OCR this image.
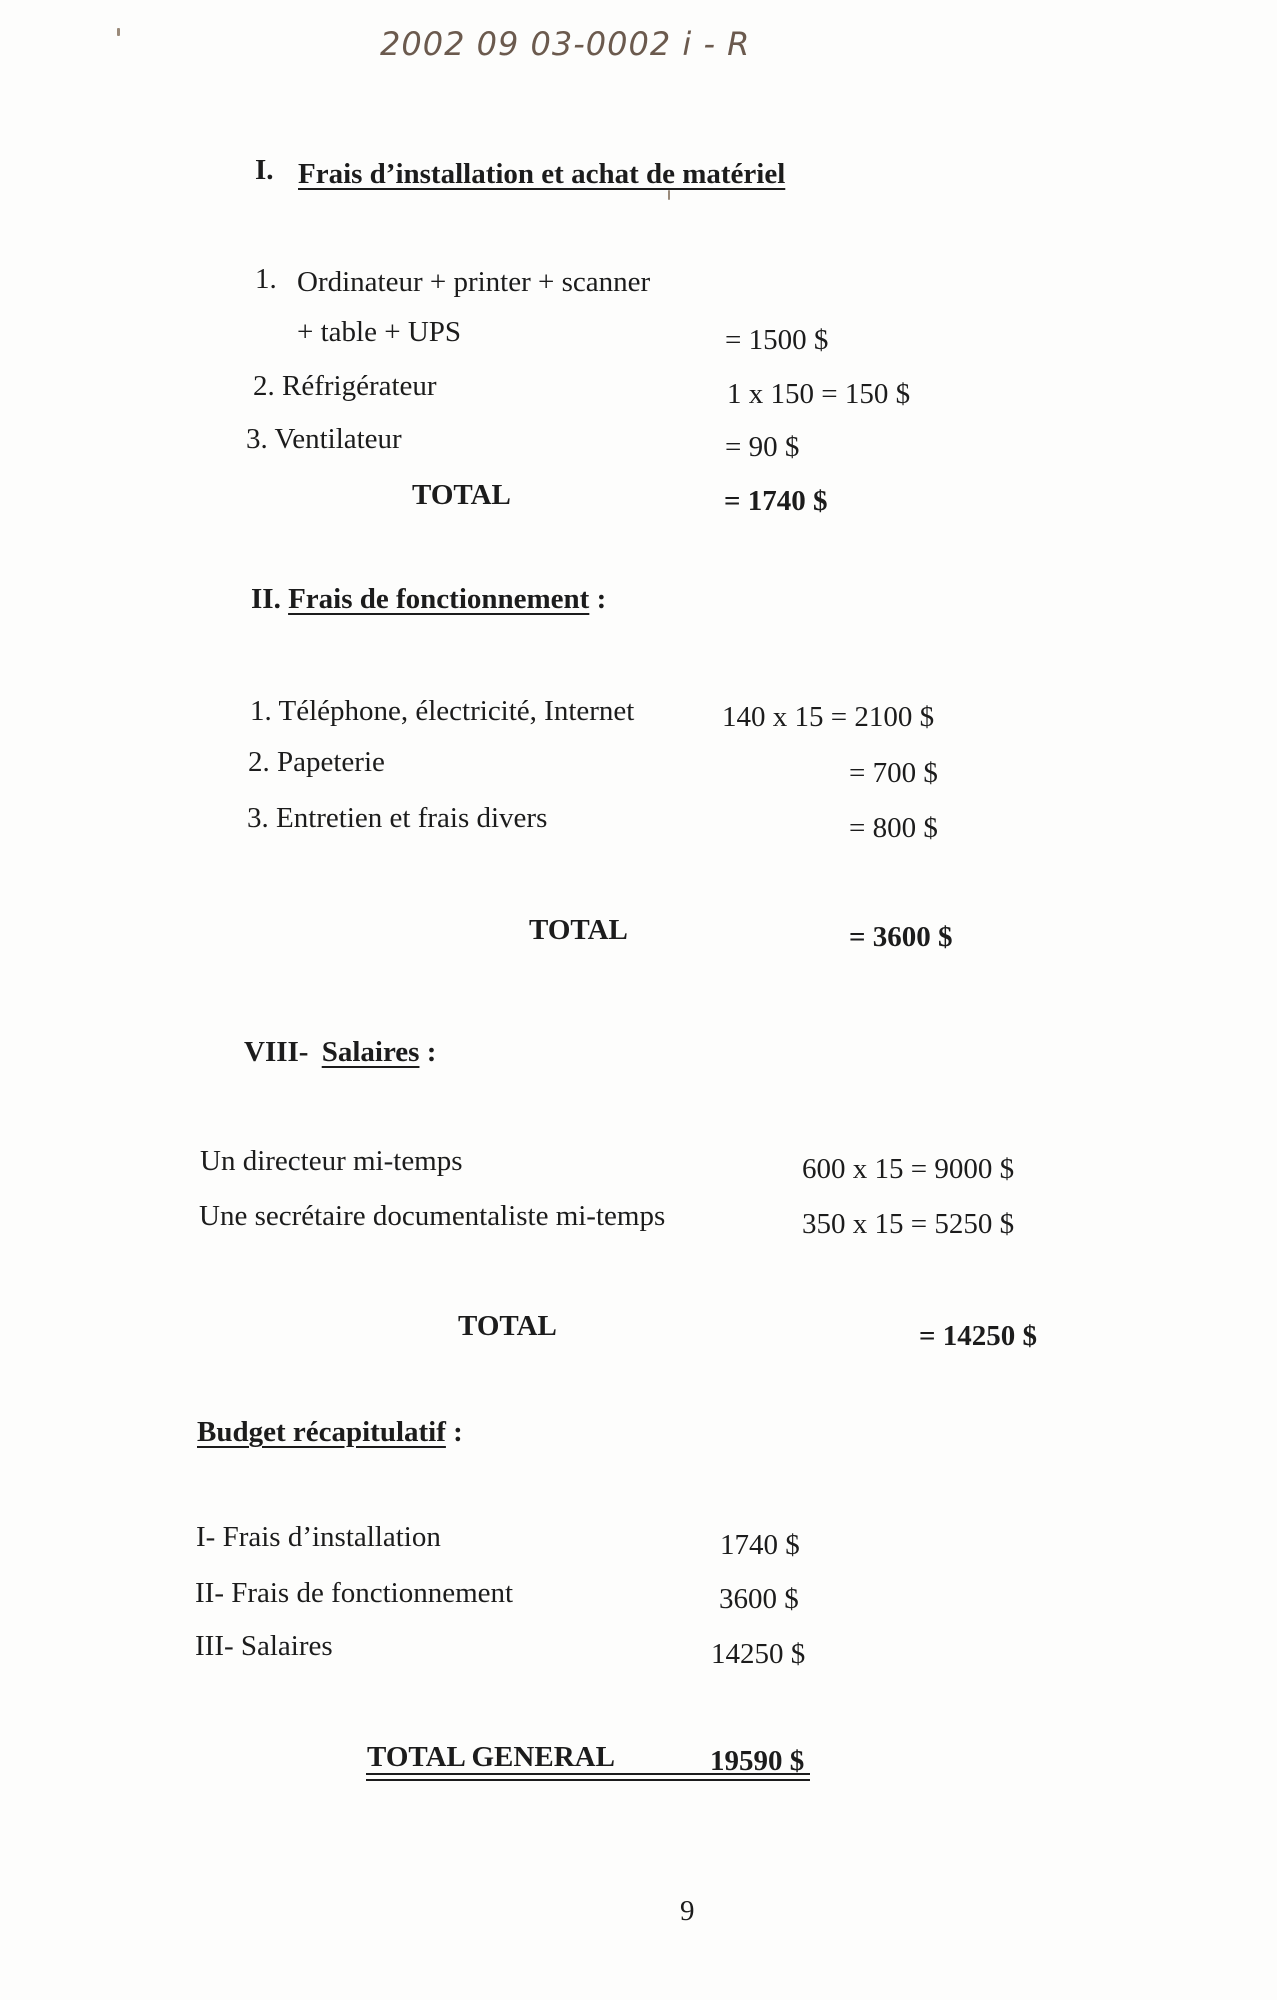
2002 09 03-0002 i - R
I. Frais d’installation et achat de matériel
1. Ordinateur + printer + scanner
+ table + UPS	= 1500 $
2. Réfrigérateur	1 x 150 = 150 $
3. Ventilateur	= 90 $
TOTAL	= 1740 $
II. Frais de fonctionnement :
1. Téléphone, électricité, Internet	140 x 15 = 2100 $
2. Papeterie	= 700 $
3. Entretien et frais divers	= 800 $
TOTAL	= 3600 $
VIII- Salaires :
Un directeur mi-temps	600 x 15 = 9000 $
Une secrétaire documentaliste mi-temps	350 x 15 = 5250 $
TOTAL	= 14250 $
Budget récapitulatif :
I- Frais d’installation	1740 $
II- Frais de fonctionnement	3600 $
III- Salaires	14250 $
TOTAL GENERAL	19590 $
9
